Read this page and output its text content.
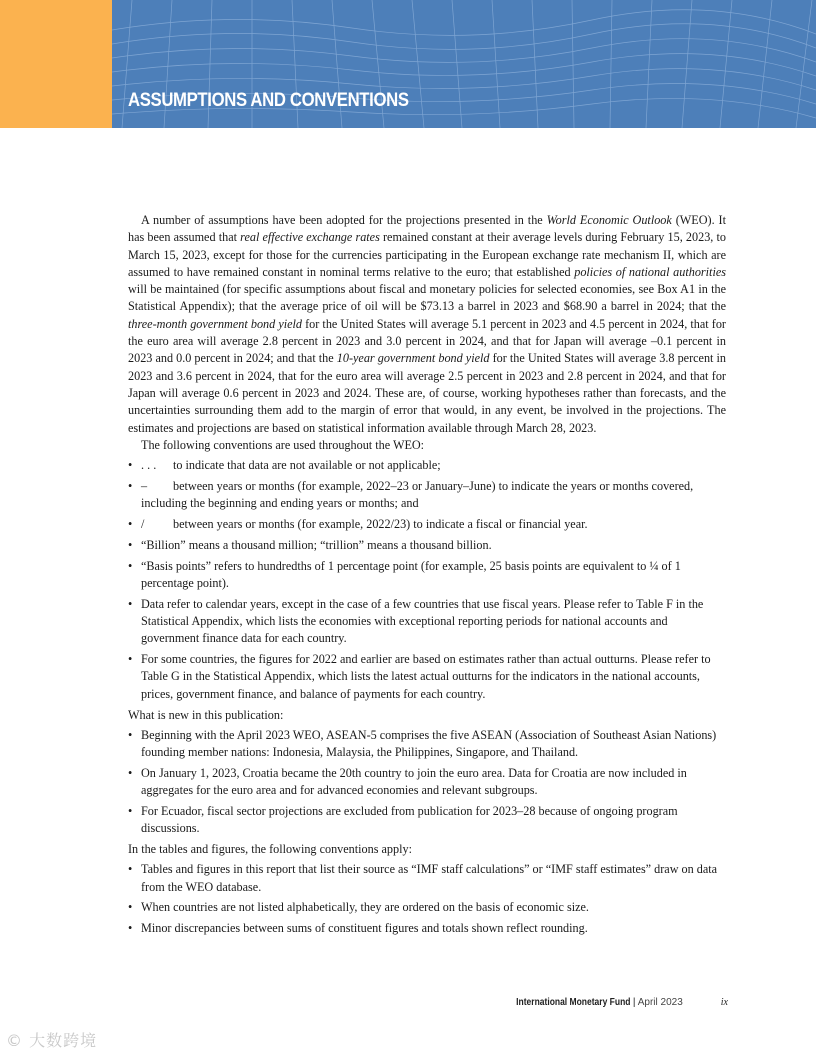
ASSUMPTIONS AND CONVENTIONS

A number of assumptions have been adopted for the projections presented in the World Economic Outlook (WEO). It has been assumed that real effective exchange rates remained constant at their average levels during February 15, 2023, to March 15, 2023, except for those for the currencies participating in the European exchange rate mechanism II, which are assumed to have remained constant in nominal terms relative to the euro; that established policies of national authorities will be maintained (for specific assumptions about fiscal and monetary policies for selected economies, see Box A1 in the Statistical Appendix); that the average price of oil will be $73.13 a barrel in 2023 and $68.90 a barrel in 2024; that the three-month government bond yield for the United States will average 5.1 percent in 2023 and 4.5 percent in 2024, that for the euro area will average 2.8 percent in 2023 and 3.0 percent in 2024, and that for Japan will average –0.1 percent in 2023 and 0.0 percent in 2024; and that the 10-year government bond yield for the United States will average 3.8 percent in 2023 and 3.6 percent in 2024, that for the euro area will average 2.5 percent in 2023 and 2.8 percent in 2024, and that for Japan will average 0.6 percent in 2023 and 2024. These are, of course, working hypotheses rather than forecasts, and the uncertainties surrounding them add to the margin of error that would, in any event, be involved in the projections. The estimates and projections are based on statistical information available through March 28, 2023.

The following conventions are used throughout the WEO:

• . . . to indicate that data are not available or not applicable;
• – between years or months (for example, 2022–23 or January–June) to indicate the years or months covered, including the beginning and ending years or months; and
• / between years or months (for example, 2022/23) to indicate a fiscal or financial year.
• “Billion” means a thousand million; “trillion” means a thousand billion.
• “Basis points” refers to hundredths of 1 percentage point (for example, 25 basis points are equivalent to ¼ of 1 percentage point).
• Data refer to calendar years, except in the case of a few countries that use fiscal years. Please refer to Table F in the Statistical Appendix, which lists the economies with exceptional reporting periods for national accounts and government finance data for each country.
• For some countries, the figures for 2022 and earlier are based on estimates rather than actual outturns. Please refer to Table G in the Statistical Appendix, which lists the latest actual outturns for the indicators in the national accounts, prices, government finance, and balance of payments for each country.

What is new in this publication:

• Beginning with the April 2023 WEO, ASEAN-5 comprises the five ASEAN (Association of Southeast Asian Nations) founding member nations: Indonesia, Malaysia, the Philippines, Singapore, and Thailand.
• On January 1, 2023, Croatia became the 20th country to join the euro area. Data for Croatia are now included in aggregates for the euro area and for advanced economies and relevant subgroups.
• For Ecuador, fiscal sector projections are excluded from publication for 2023–28 because of ongoing program discussions.

In the tables and figures, the following conventions apply:

• Tables and figures in this report that list their source as “IMF staff calculations” or “IMF staff estimates” draw on data from the WEO database.
• When countries are not listed alphabetically, they are ordered on the basis of economic size.
• Minor discrepancies between sums of constituent figures and totals shown reflect rounding.
International Monetary Fund | April 2023	ix
© 大数跨境
